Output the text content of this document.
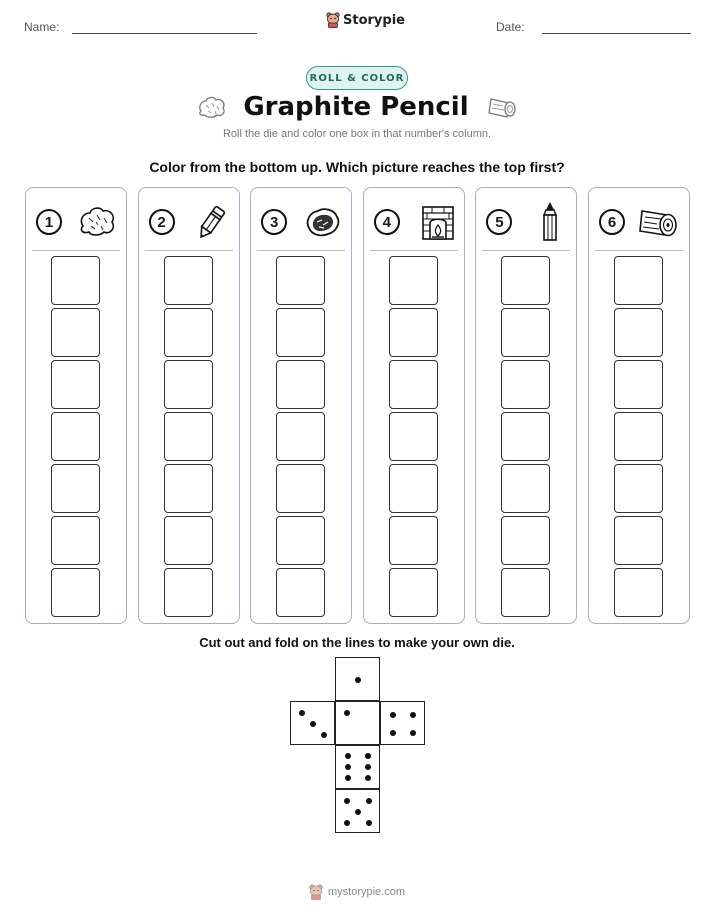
Name:	Storypie	Date:
ROLL & COLOR
Graphite Pencil
Roll the die and color one box in that number's column.
Color from the bottom up. Which picture reaches the top first?
1	2	3	4	5	6
Cut out and fold on the lines to make your own die.
mystorypie.com
